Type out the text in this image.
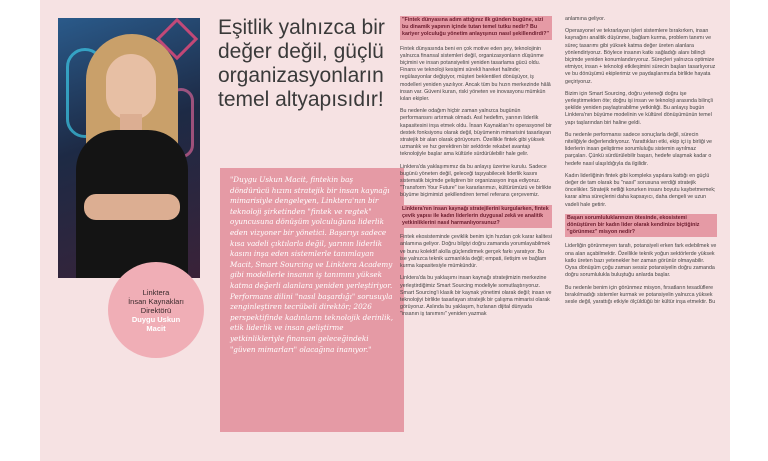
Linktera
İnsan Kaynakları
Direktörü
Duygu Uskun
Macit
Eşitlik yalnızca bir değer değil, güçlü organizasyonların temel altyapısıdır!

"Duygu Uskun Macit, fintekin baş döndürücü hızını stratejik bir insan kaynağı mimarisiyle dengeleyen, Linktera'nın bir teknoloji şirketinden "fintek ve regtek" oyuncusuna dönüşüm yolculuğuna liderlik eden vizyoner bir yönetici. Başarıyı sadece kısa vadeli çıktılarla değil, yarının liderlik kasını inşa eden sistemlerle tanımlayan Macit, Smart Sourcing ve Linktera Academy gibi modellerle insanın iş tanımını yüksek katma değerli alanlara yeniden yerleştiriyor. Performans dilini "nasıl başardığı" sorusuyla zenginleştiren tecrübeli direktör; 2026 perspektifinde kadınların teknolojik derinlik, etik liderlik ve insan geliştirme yetkinlikleriyle finansın geleceğindeki "güven mimarları" olacağına inanıyor."

"Fintek dünyasına adım attığınız ilk günden bugüne, sizi bu dinamik yapının içinde tutan temel tutku nedir? Bu kariyer yolculuğu yönetim anlayışınızı nasıl şekillendirdi?"

Fintek dünyasında beni en çok motive eden şey, teknolojinin yalnızca finansal sistemleri değil, organizasyonların düşünme biçimini ve insan potansiyelini yeniden tasarlama gücü oldu. Finans ve teknoloji kesişimi sürekli hareket halinde; regülasyonlar değişiyor, müşteri beklentileri dönüşüyor, iş modelleri yeniden yazılıyor. Ancak tüm bu hızın merkezinde hâlâ insan var. Güveni kuran, riski yöneten ve inovasyonu mümkün kılan ekipler.

Bu nedenle odağım hiçbir zaman yalnızca bugünün performansını artırmak olmadı. Asıl hedefim, yarının liderlik kapasitesini inşa etmek oldu. İnsan Kaynakları'nı operasyonel bir destek fonksiyonu olarak değil, büyümenin mimarisini tasarlayan stratejik bir alan olarak görüyorum. Özellikle fintek gibi yüksek uzmanlık ve hız gerektiren bir sektörde rekabet avantajı teknolojiyle başlar ama kültürle sürdürülebilir hale gelir.

Linktera'da yaklaşımımız da bu anlayış üzerine kurulu. Sadece bugünü yöneten değil, geleceği taşıyabilecek liderlik kasını sistematik biçimde geliştiren bir organizasyon inşa ediyoruz. "Transform Your Future" ise kararlarımızı, kültürümüzü ve birlikte büyüme biçimimizi şekillendiren temel referans çerçevemiz.

Linktera'nın insan kaynağı stratejilerini kurgularken, fintek çevik yapısı ile kadın liderlerin duygusal zekâ ve analitik yetkinliklerini nasıl harmanlıyorsunuz?

Fintek ekosisteminde çeviklik benim için hızdan çok karar kalitesi anlamına geliyor. Doğru bilgiyi doğru zamanda yorumlayabilmek ve bunu kolektif akılla güçlendirmek gerçek farkı yaratıyor. Bu ise yalnızca teknik uzmanlıkla değil; empati, iletişim ve bağlam kurma kapasitesiyle mümkündür.

Linktera'da bu yaklaşımı insan kaynağı stratejimizin merkezine yerleştirdiğimiz Smart Sourcing modeliyle somutlaştırıyoruz. Smart Sourcing'i klasik bir kaynak yönetimi olarak değil; insan ve teknolojiyi birlikte tasarlayan stratejik bir çalışma mimarisi olarak görüyoruz. Aslında bu yaklaşım, hızlanan dijital dünyada "insanın iş tanımını" yeniden yazmak

anlamına geliyor.

Operasyonel ve tekrarlayan işleri sistemlere bırakırken, insan kaynağını analitik düşünme, bağlam kurma, problem tanımı ve süreç tasarımı gibi yüksek katma değer üreten alanlara yönlendiriyoruz. Böylece insanın katkı sağladığı alanı bilinçli biçimde yeniden konumlandırıyoruz. Süreçleri yalnızca optimize etmiyor, insan + teknoloji etkileşimini sürecin başları tasarlıyoruz ve bu dönüşümü ekiplerimiz ve paydaşlarımızla birlikte hayata geçiriyoruz.

Bizim için Smart Sourcing, doğru yeteneği doğru işe yerleştirmekten öte; doğru işi insan ve teknoloji arasında bilinçli şekilde yeniden paylaştırabilme yetkinliği. Bu anlayış bugün Linktera'nın büyüme modelinin ve kültürel dönüşümünün temel yapı taşlarından biri haline geldi.

Bu nedenle performansı sadece sonuçlarla değil, sürecin niteliğiyle değerlendiriyoruz. Yarattıkları etki, ekip içi iş birliği ve liderlerin insan geliştirme sorumluluğu sistemin ayrılmaz parçaları. Çünkü sürdürülebilir başarı, hedefe ulaşmak kadar o hedefe nasıl ulaşıldığıyla da ilgilidir.

Kadın liderliğinin fintek gibi kompleks yapılara kattığı en güçlü değer de tam olarak bu "nasıl" sorusuna verdiği stratejik öncelikler. Stratejik netliği korurken insanı boyutu kaybetmemek; karar alma süreçlerini daha kapsayıcı, daha dengeli ve uzun vadeli hale getirir.

Başarı sorumluluklarınızın ötesinde, ekosistemi dönüştüren bir kadın lider olarak kendinize biçtiğiniz "görünmez" misyon nedir?

Liderliğin görünmeyen tarafı, potansiyeli erken fark edebilmek ve ona alan açabilmektir. Özellikle teknik yoğun sektörlerde yüksek katkı üreten bazı yetenekler her zaman görünür olmayabilir. Oysa dönüşüm çoğu zaman sessiz potansiyelin doğru zamanda doğru sorumlulukla buluştuğu anlarda başlar.

Bu nedenle benim için görünmez misyon, fırsatların tesadüflere bırakılmadığı sistemler kurmak ve potansiyelin yalnızca yüksek sesle değil, yarattığı etkiyle ölçüldüğü bir kültür inşa etmektir. Bu
